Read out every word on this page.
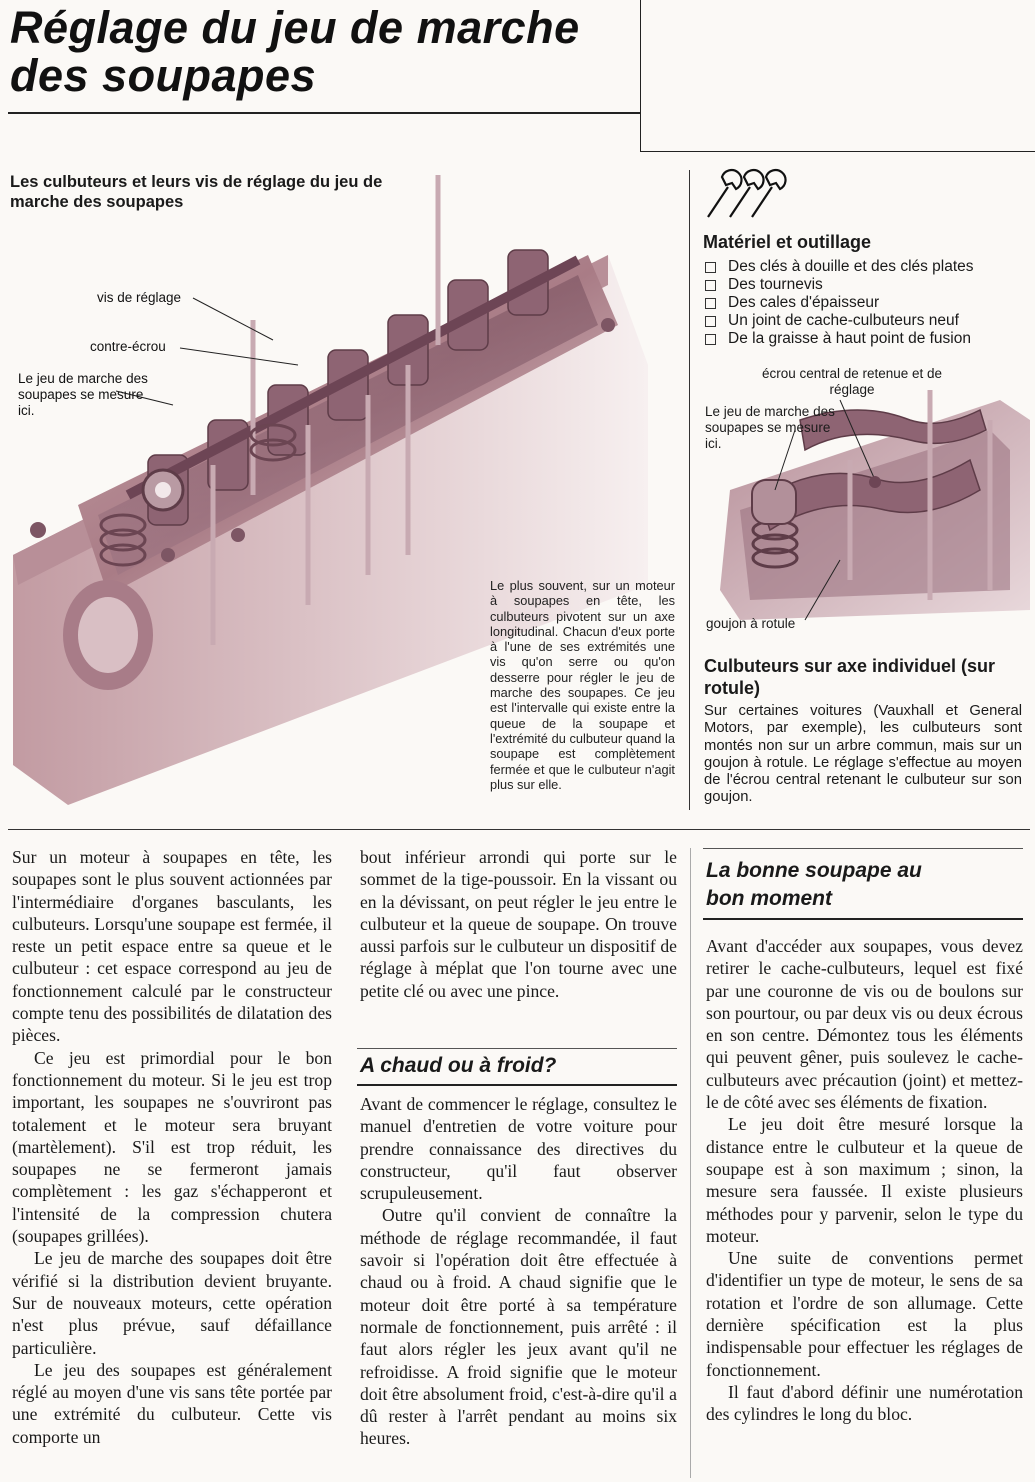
Réglage du jeu de marche des soupapes
Les culbuteurs et leurs vis de réglage du jeu de marche des soupapes
vis de réglage
contre-écrou
Le jeu de marche des soupapes se mesure ici.
Le plus souvent, sur un moteur à soupapes en tête, les culbuteurs pivotent sur un axe longitudinal. Chacun d'eux porte à l'une de ses extrémités une vis qu'on serre ou qu'on desserre pour régler le jeu de marche des soupapes. Ce jeu est l'intervalle qui existe entre la queue de la soupape et l'extrémité du culbuteur quand la soupape est complètement fermée et que le culbuteur n'agit plus sur elle.
Matériel et outillage
Des clés à douille et des clés plates
Des tournevis
Des cales d'épaisseur
Un joint de cache-culbuteurs neuf
De la graisse à haut point de fusion
écrou central de retenue et de réglage
Le jeu de marche des soupapes se mesure ici.
goujon à rotule
Culbuteurs sur axe individuel (sur rotule)
Sur certaines voitures (Vauxhall et General Motors, par exemple), les culbuteurs sont montés non sur un arbre commun, mais sur un goujon à rotule. Le réglage s'effectue au moyen de l'écrou central retenant le culbuteur sur son goujon.

Sur un moteur à soupapes en tête, les soupapes sont le plus souvent actionnées par l'intermédiaire d'organes basculants, les culbuteurs. Lorsqu'une soupape est fermée, il reste un petit espace entre sa queue et le culbuteur : cet espace correspond au jeu de fonctionnement calculé par le constructeur compte tenu des possibilités de dilatation des pièces.

Ce jeu est primordial pour le bon fonctionnement du moteur. Si le jeu est trop important, les soupapes ne s'ouvriront pas totalement et le moteur sera bruyant (martèlement). S'il est trop réduit, les soupapes ne se fermeront jamais complètement : les gaz s'échapperont et l'intensité de la compression chutera (soupapes grillées).

Le jeu de marche des soupapes doit être vérifié si la distribution devient bruyante. Sur de nouveaux moteurs, cette opération n'est plus prévue, sauf défaillance particulière.

Le jeu des soupapes est généralement réglé au moyen d'une vis sans tête portée par une extrémité du culbuteur. Cette vis comporte un

bout inférieur arrondi qui porte sur le sommet de la tige-poussoir. En la vissant ou en la dévissant, on peut régler le jeu entre le culbuteur et la queue de soupape. On trouve aussi parfois sur le culbuteur un dispositif de réglage à méplat que l'on tourne avec une petite clé ou avec une pince.

A chaud ou à froid?

Avant de commencer le réglage, consultez le manuel d'entretien de votre voiture pour prendre connaissance des directives du constructeur, qu'il faut observer scrupuleusement.

Outre qu'il convient de connaître la méthode de réglage recommandée, il faut savoir si l'opération doit être effectuée à chaud ou à froid. A chaud signifie que le moteur doit être porté à sa température normale de fonctionnement, puis arrêté : il faut alors régler les jeux avant qu'il ne refroidisse. A froid signifie que le moteur doit être absolument froid, c'est-à-dire qu'il a dû rester à l'arrêt pendant au moins six heures.

La bonne soupape au bon moment

Avant d'accéder aux soupapes, vous devez retirer le cache-culbuteurs, lequel est fixé par une couronne de vis ou de boulons sur son pourtour, ou par deux vis ou deux écrous en son centre. Démontez tous les éléments qui peuvent gêner, puis soulevez le cache-culbuteurs avec précaution (joint) et mettez-le de côté avec ses éléments de fixation.

Le jeu doit être mesuré lorsque la distance entre le culbuteur et la queue de soupape est à son maximum ; sinon, la mesure sera faussée. Il existe plusieurs méthodes pour y parvenir, selon le type du moteur.

Une suite de conventions permet d'identifier un type de moteur, le sens de sa rotation et l'ordre de son allumage. Cette dernière spécification est la plus indispensable pour effectuer les réglages de fonctionnement.

Il faut d'abord définir une numérotation des cylindres le long du bloc.
